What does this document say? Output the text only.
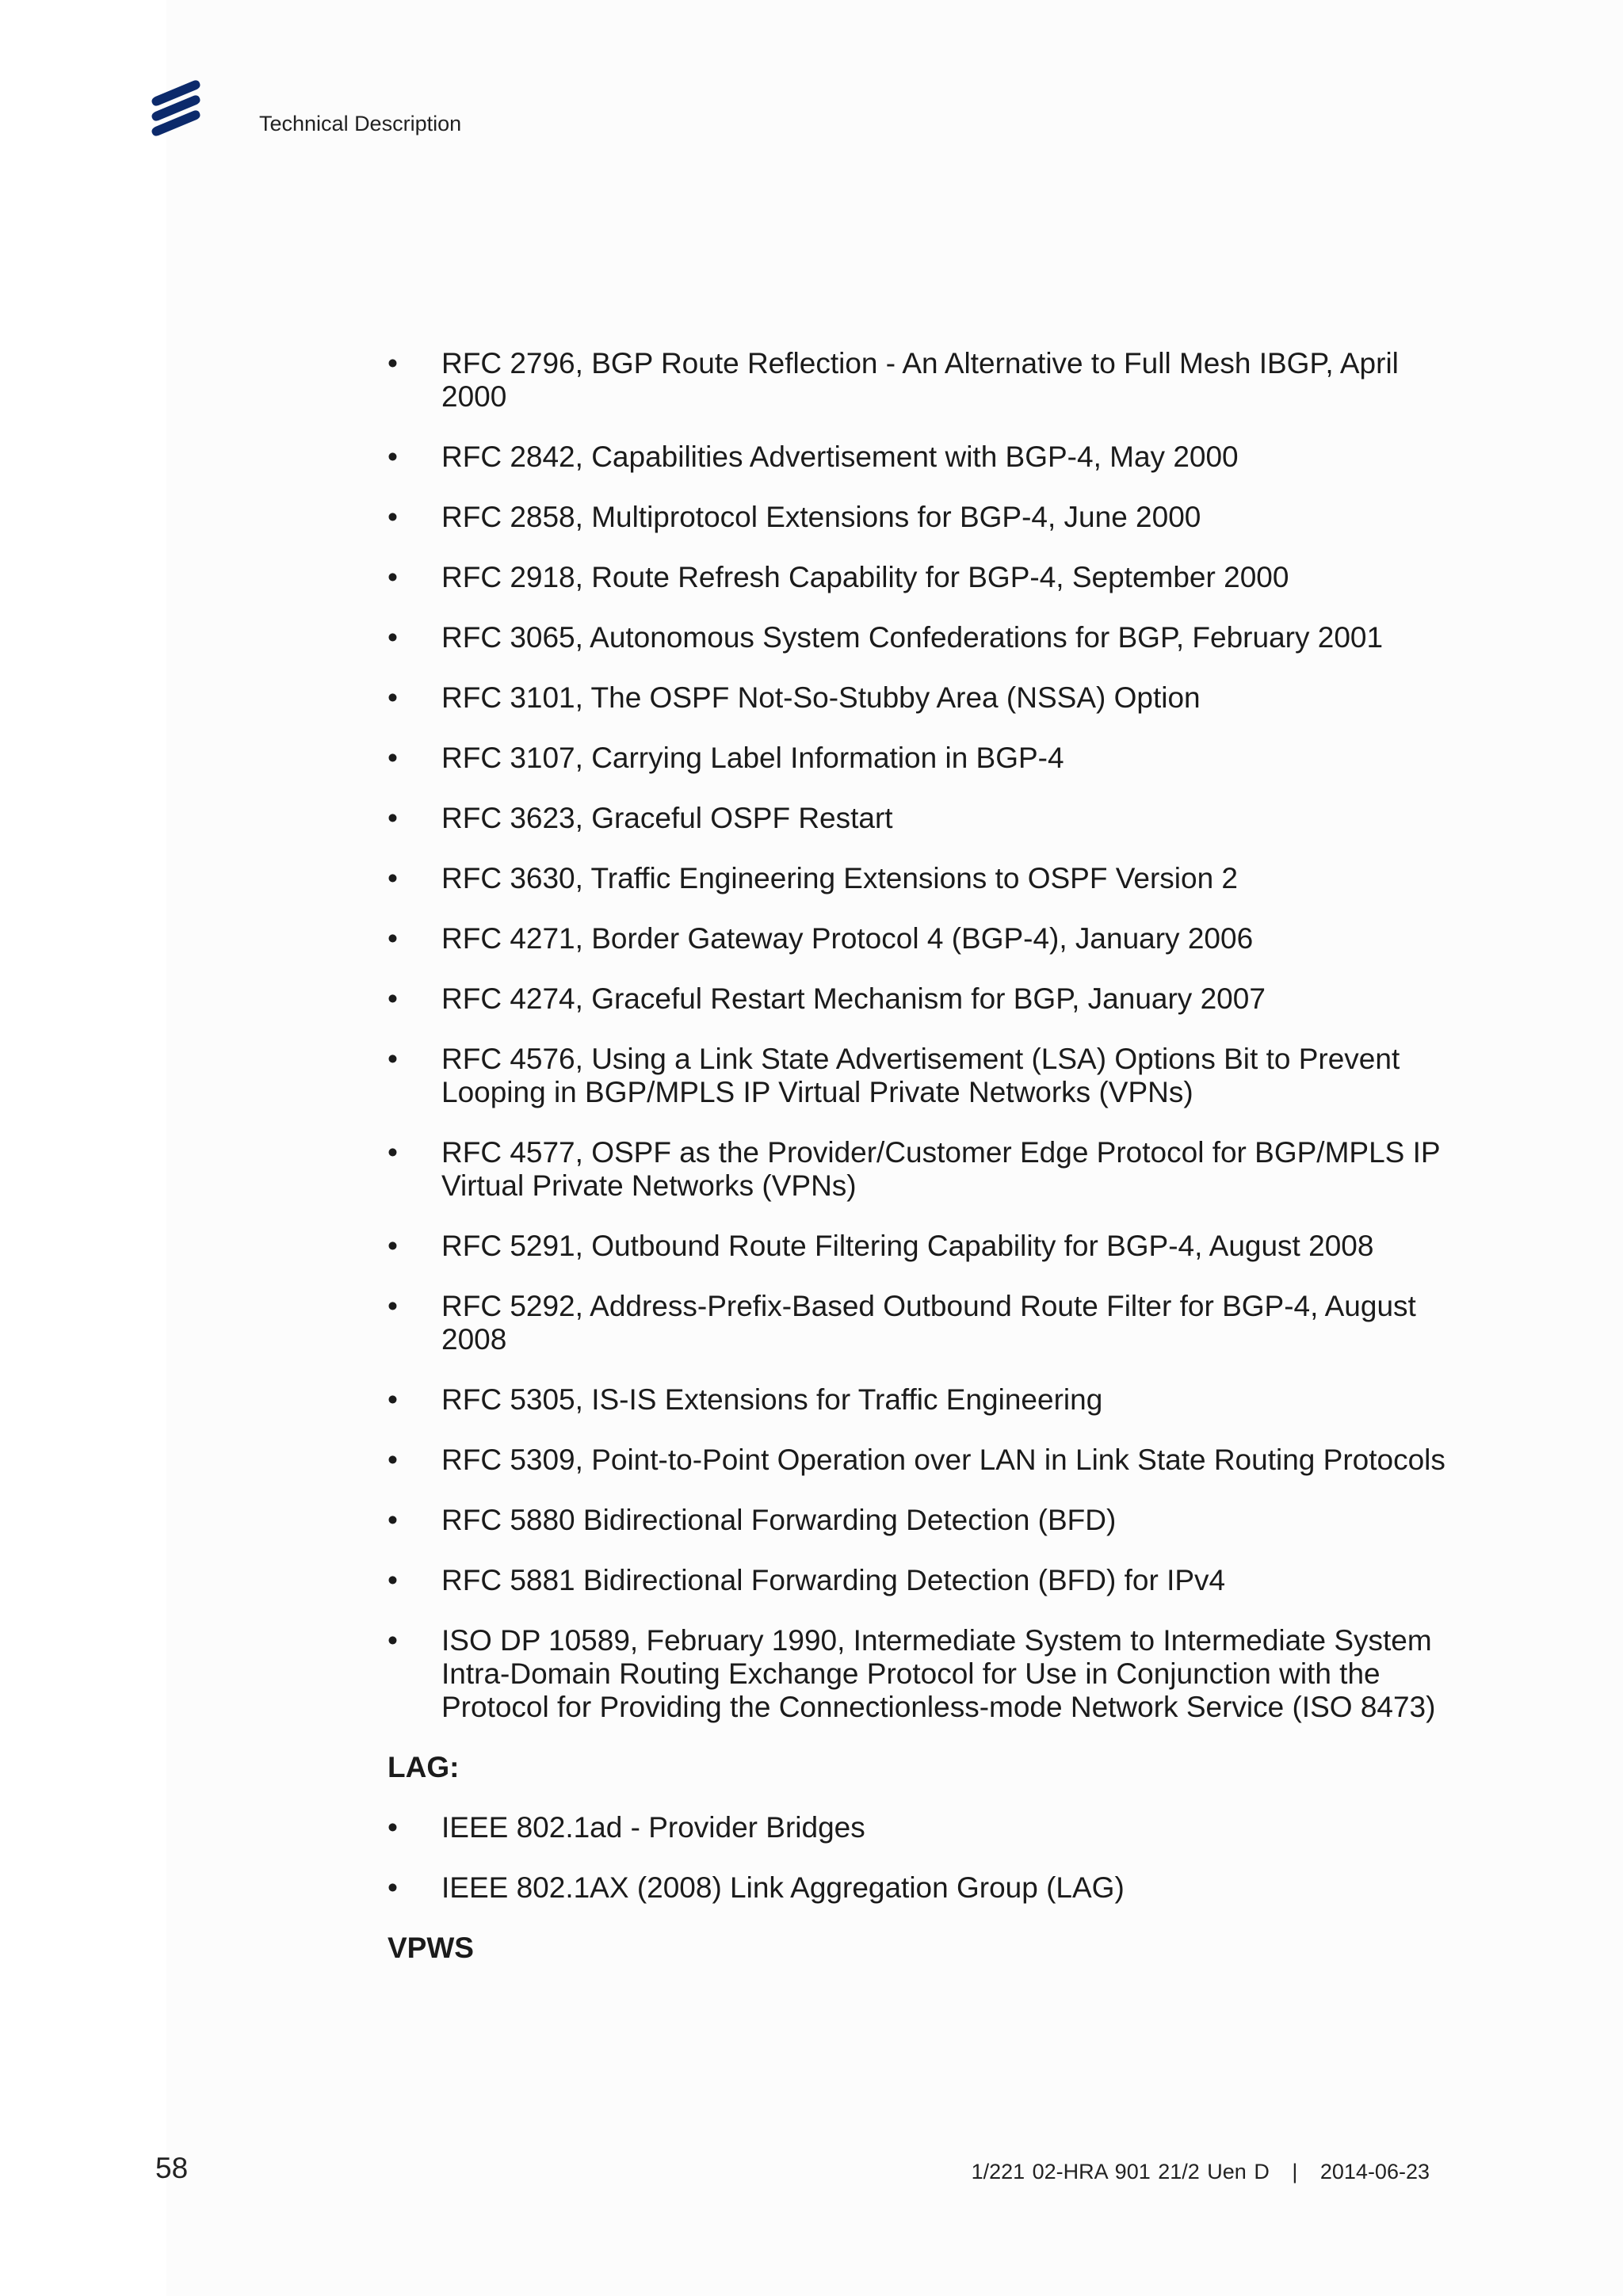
Technical Description
•	RFC 2796, BGP Route Reflection - An Alternative to Full Mesh IBGP, April 2000
•	RFC 2842, Capabilities Advertisement with BGP-4, May 2000
•	RFC 2858, Multiprotocol Extensions for BGP-4, June 2000
•	RFC 2918, Route Refresh Capability for BGP-4, September 2000
•	RFC 3065, Autonomous System Confederations for BGP, February 2001
•	RFC 3101, The OSPF Not-So-Stubby Area (NSSA) Option
•	RFC 3107, Carrying Label Information in BGP-4
•	RFC 3623, Graceful OSPF Restart
•	RFC 3630, Traffic Engineering Extensions to OSPF Version 2
•	RFC 4271, Border Gateway Protocol 4 (BGP-4), January 2006
•	RFC 4274, Graceful Restart Mechanism for BGP, January 2007
•	RFC 4576, Using a Link State Advertisement (LSA) Options Bit to Prevent Looping in BGP/MPLS IP Virtual Private Networks (VPNs)
•	RFC 4577, OSPF as the Provider/Customer Edge Protocol for BGP/MPLS IP Virtual Private Networks (VPNs)
•	RFC 5291, Outbound Route Filtering Capability for BGP-4, August 2008
•	RFC 5292, Address-Prefix-Based Outbound Route Filter for BGP-4, August 2008
•	RFC 5305, IS-IS Extensions for Traffic Engineering
•	RFC 5309, Point-to-Point Operation over LAN in Link State Routing Protocols
•	RFC 5880 Bidirectional Forwarding Detection (BFD)
•	RFC 5881 Bidirectional Forwarding Detection (BFD) for IPv4
•	ISO DP 10589, February 1990, Intermediate System to Intermediate System Intra-Domain Routing Exchange Protocol for Use in Conjunction with the Protocol for Providing the Connectionless-mode Network Service (ISO 8473)
LAG:
•	IEEE 802.1ad - Provider Bridges
•	IEEE 802.1AX (2008) Link Aggregation Group (LAG)
VPWS
58	1/221 02-HRA 901 21/2 Uen D | 2014-06-23
